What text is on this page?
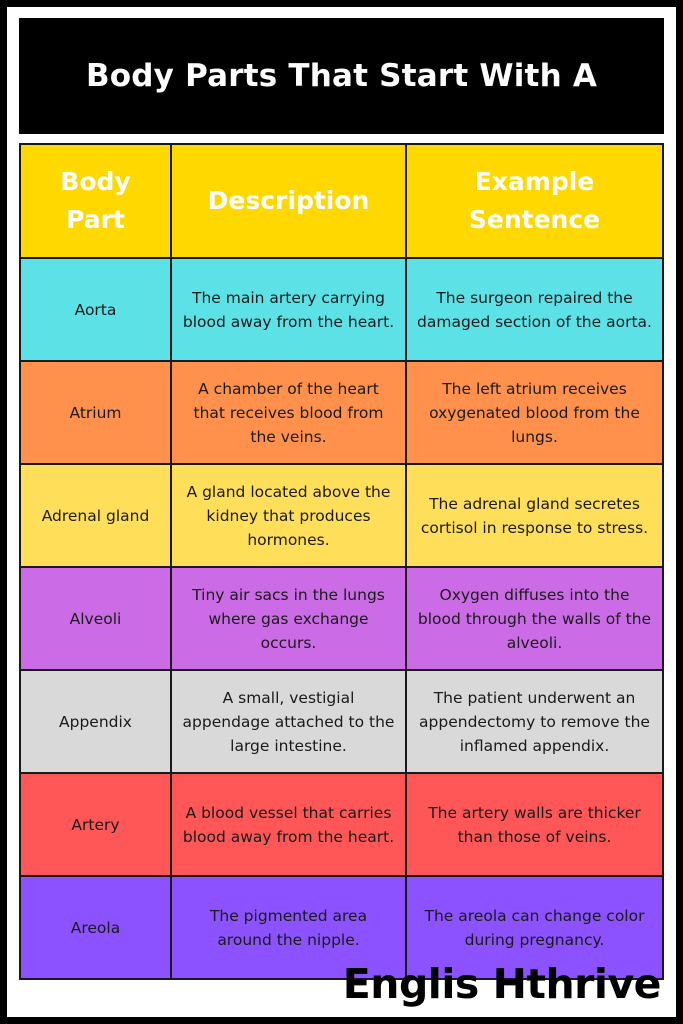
Body Parts That Start With A
Body Part	Description	Example Sentence
Aorta	The main artery carrying blood away from the heart.	The surgeon repaired the damaged section of the aorta.
Atrium	A chamber of the heart that receives blood from the veins.	The left atrium receives oxygenated blood from the lungs.
Adrenal gland	A gland located above the kidney that produces hormones.	The adrenal gland secretes cortisol in response to stress.
Alveoli	Tiny air sacs in the lungs where gas exchange occurs.	Oxygen diffuses into the blood through the walls of the alveoli.
Appendix	A small, vestigial appendage attached to the large intestine.	The patient underwent an appendectomy to remove the inflamed appendix.
Artery	A blood vessel that carries blood away from the heart.	The artery walls are thicker than those of veins.
Areola	The pigmented area around the nipple.	The areola can change color during pregnancy.
Englis Hthrive
